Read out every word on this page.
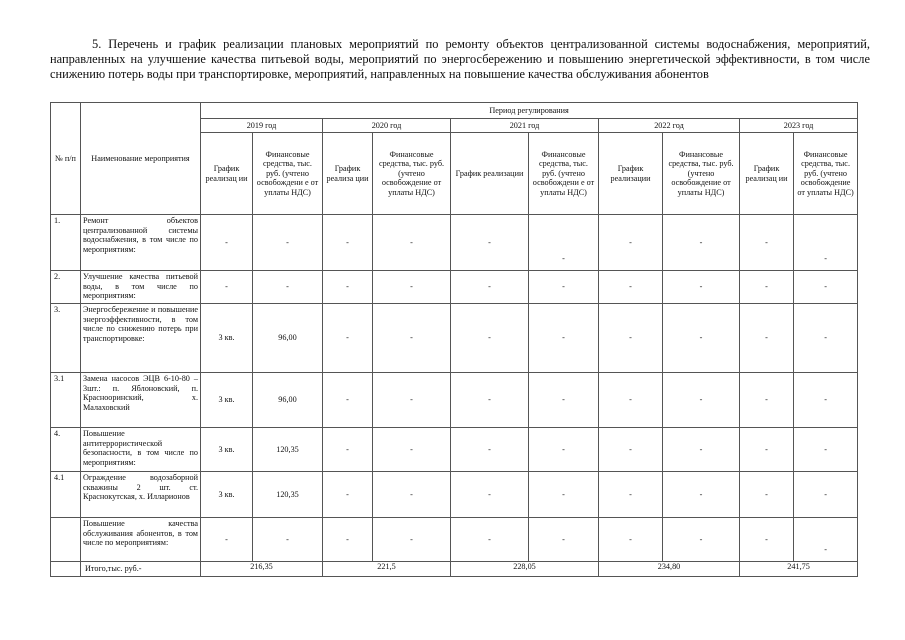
5. Перечень и график реализации плановых мероприятий по ремонту объектов централизованной системы водоснабжения, мероприятий, направленных на улучшение качества питьевой воды, мероприятий по энергосбережению и повышению энергетической эффективности, в том числе снижению потерь воды при транспортировке, мероприятий, направленных на повышение качества обслуживания абонентов
№ п/п	Наименование мероприятия	Период регулирования									
		2019 год		2020 год		2021 год		2022 год		2023 год	
		График реализац ии	Финансовые средства, тыс. руб. (учтено освобождени е от уплаты НДС)	График реализа ции	Финансовые средства, тыс. руб. (учтено освобождение от уплаты НДС)	График реализации	Финансовые средства, тыс. руб. (учтено освобождени е от уплаты НДС)	График реализации	Финансовые средства, тыс. руб. (учтено освобождение от уплаты НДС)	График реализац ии	Финансовые средства, тыс. руб. (учтено освобождение от уплаты НДС)
1.	Ремонт объектов централизованной системы водоснабжения, в том числе по мероприятиям:	-	-	-	-	-	-	-	-	-	-
2.	Улучшение качества питьевой воды, в том числе по мероприятиям:	-	-	-	-	-	-	-	-	-	-
3.	Энергосбережение и повышение энергоэффективности, в том числе по снижению потерь при транспортировке:	3 кв.	96,00	-	-	-	-	-	-	-	-
3.1	Замена насосов ЭЦВ 6-10-80 – 3шт.: п. Яблоновский, п. Краснооринский, х. Малаховский	3 кв.	96,00	-	-	-	-	-	-	-	-
4.	Повышение антитеррористической безопасности, в том числе по мероприятиям:	3 кв.	120,35	-	-	-	-	-	-	-	-
4.1	Ограждение водозаборной скважины 2 шт. ст. Краснокутская, х. Илларионов	3 кв.	120,35	-	-	-	-	-	-	-	-
	Повышение качества обслуживания абонентов, в том числе по мероприятиям:	-	-	-	-	-	-	-	-	-	-
	Итого,тыс. руб.-	216,35		221,5		228,05		234,80		241,75	
